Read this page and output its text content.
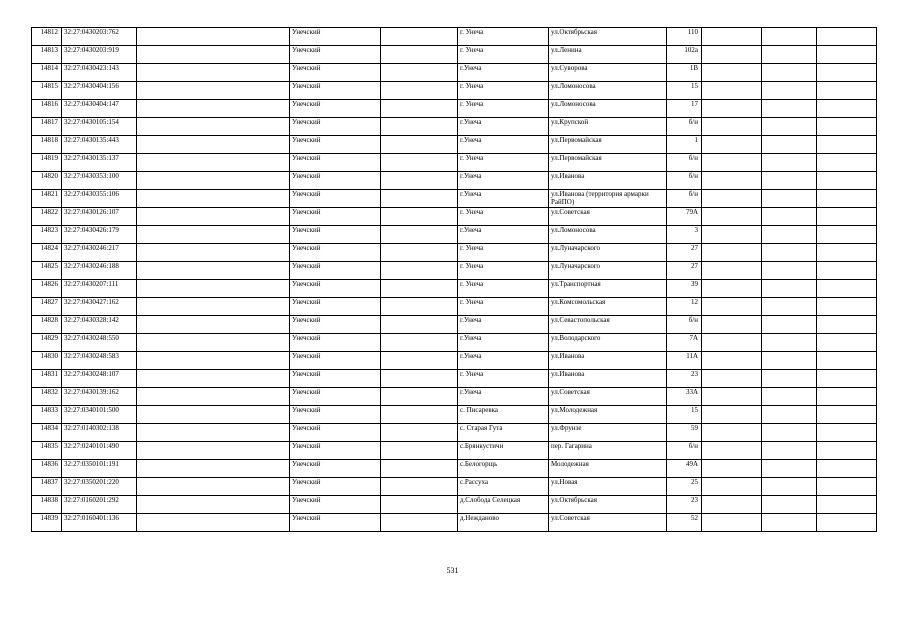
14812	32:27:0430203:762		Унечский		г. Унеча	ул.Октябрьская	110			
14813	32:27:0430203:919		Унечский		г. Унеча	ул.Ленина	102а			
14814	32:27:0430423:143		Унечский		г.Унеча	ул.Суворова	1В			
14815	32:27:0430404:156		Унечский		г. Унеча	ул.Ломоносова	15			
14816	32:27:0430404:147		Унечский		г. Унеча	ул.Ломоносова	17			
14817	32:27:0430105:154		Унечский		г.Унеча	ул.Крупской	б/н			
14818	32:27:0430135:443		Унечский		г.Унеча	ул.Первомайская	1			
14819	32:27:0430135:137		Унечский		г. Унеча	ул.Первомайская	б/н			
14820	32:27:0430353:100		Унечский		г.Унеча	ул.Иванова	б/н			
14821	32:27:0430355:106		Унечский		г.Унеча	ул.Иванова (территория армарки РайПО)	б/н			
14822	32:27:0430126:107		Унечский		г. Унеча	ул.Советская	79А			
14823	32:27:0430426:179		Унечский		г.Унеча	ул.Ломоносова	3			
14824	32:27:0430246:217		Унечский		г. Унеча	ул.Луначарского	27			
14825	32:27:0430246:188		Унечский		г. Унеча	ул.Луначарского	27			
14826	32:27:0430207:111		Унечский		г. Унеча	ул.Транспортная	39			
14827	32:27:0430427:162		Унечский		г. Унеча	ул.Комсомольская	12			
14828	32:27:0430328:142		Унечский		г.Унеча	ул.Севастопольская	б/н			
14829	32:27:0430248:550		Унечский		г.Унеча	ул.Володарского	7А			
14830	32:27:0430248:583		Унечский		г.Унеча	ул.Иванова	11А			
14831	32:27:0430248:107		Унечский		г. Унеча	ул.Иванова	23			
14832	32:27:0430139:162		Унечский		г.Унеча	ул.Советская	33А			
14833	32:27:0340101:500		Унечский		с. Писаревка	ул.Молодежная	15			
14834	32:27:0140302:138		Унечский		с. Старая Гута	ул.Фрунзе	59			
14835	32:27:0240101:490		Унечский		с.Брянкустичи	пер. Гагарина	б/н			
14836	32:27:0350101:191		Унечский		с.Белогорщь	Молодежная	49А			
14837	32:27:0350201:220		Унечский		с.Рассуха	ул.Новая	25			
14838	32:27:0160201:292		Унечский		д.Слобода Селецкая	ул.Октябрьская	23			
14839	32:27:0160401:136		Унечский		д.Нежданово	ул.Советская	52			
531
